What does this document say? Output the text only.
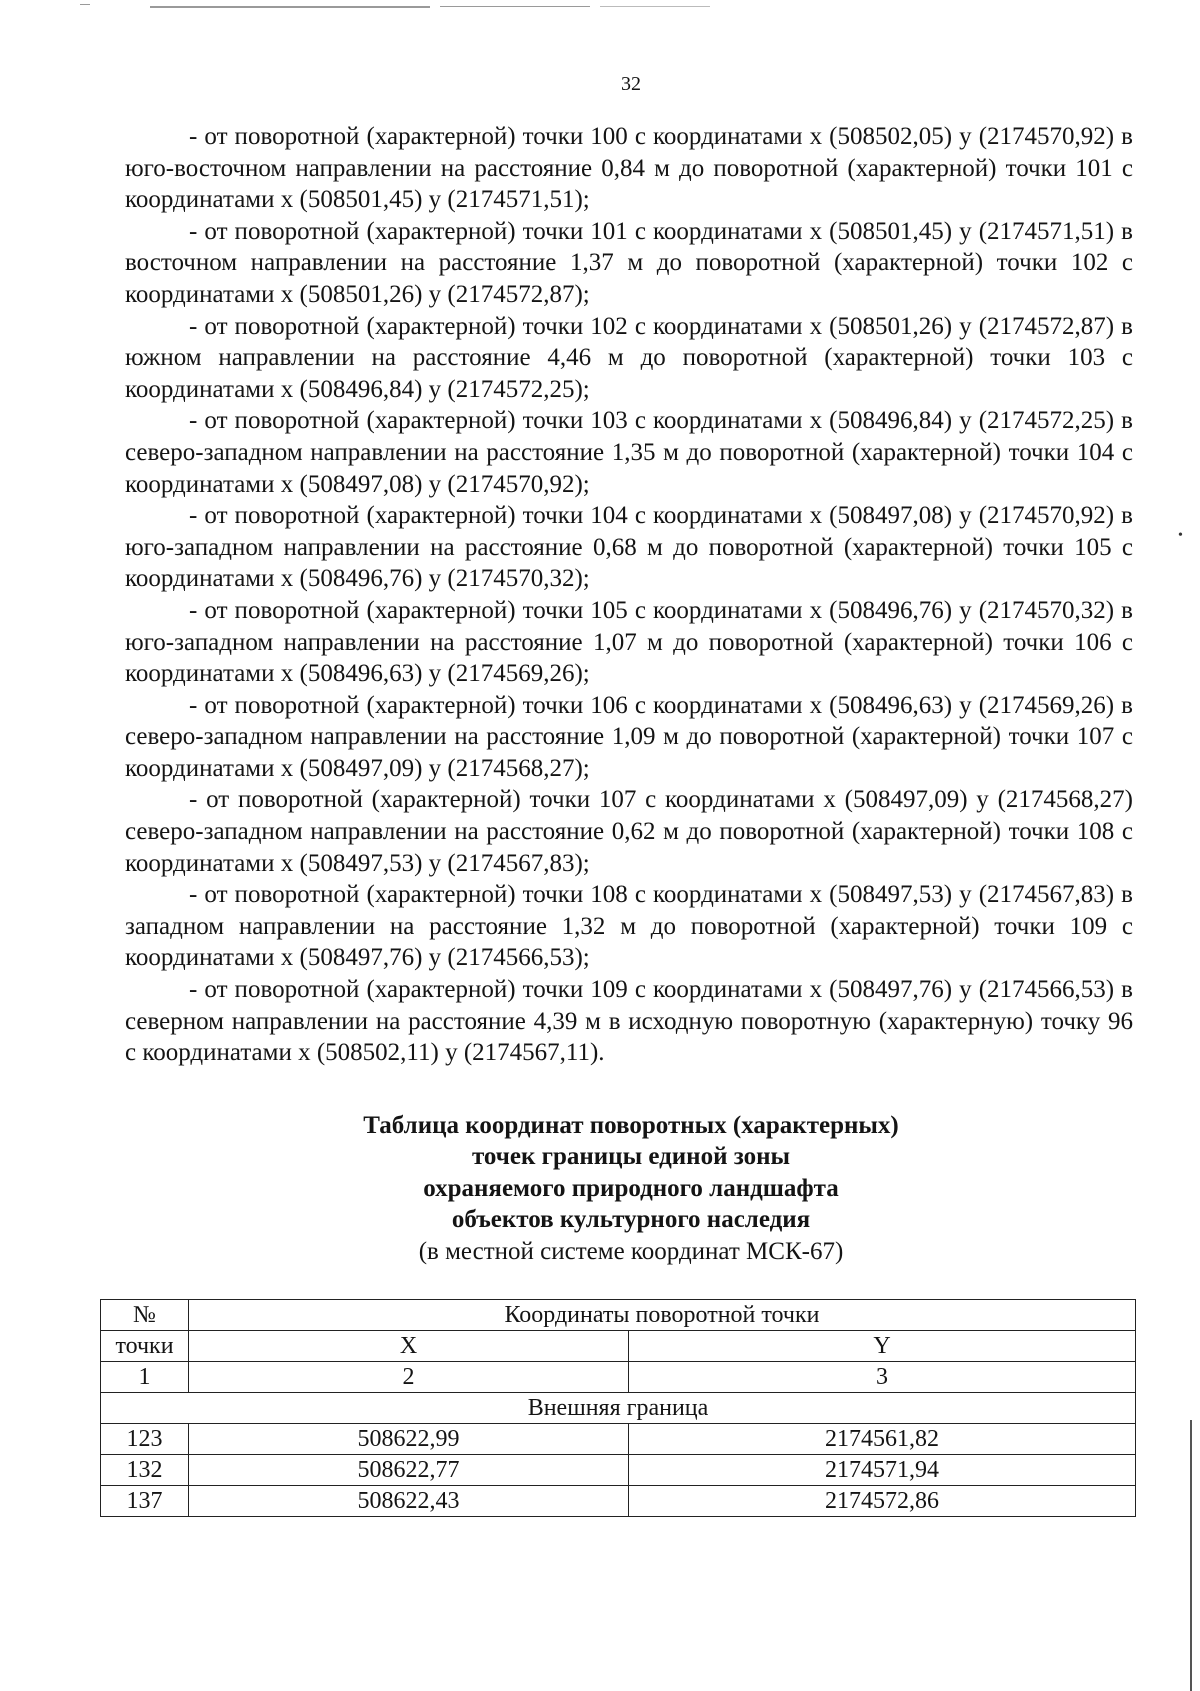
•
32

- от поворотной (характерной) точки 100 с координатами х (508502,05) у (2174570,92) в юго-восточном направлении на расстояние 0,84 м до поворотной (характерной) точки 101 с координатами х (508501,45) у (2174571,51);

- от поворотной (характерной) точки 101 с координатами х (508501,45) у (2174571,51) в восточном направлении на расстояние 1,37 м до поворотной (характерной) точки 102 с координатами х (508501,26) у (2174572,87);

- от поворотной (характерной) точки 102 с координатами х (508501,26) у (2174572,87) в южном направлении на расстояние 4,46 м до поворотной (характерной) точки 103 с координатами х (508496,84) у (2174572,25);

- от поворотной (характерной) точки 103 с координатами х (508496,84) у (2174572,25) в северо-западном направлении на расстояние 1,35 м до поворотной (характерной) точки 104 с координатами х (508497,08) у (2174570,92);

- от поворотной (характерной) точки 104 с координатами х (508497,08) у (2174570,92) в юго-западном направлении на расстояние 0,68 м до поворотной (характерной) точки 105 с координатами х (508496,76) у (2174570,32);

- от поворотной (характерной) точки 105 с координатами х (508496,76) у (2174570,32) в юго-западном направлении на расстояние 1,07 м до поворотной (характерной) точки 106 с координатами х (508496,63) у (2174569,26);

- от поворотной (характерной) точки 106 с координатами х (508496,63) у (2174569,26) в северо-западном направлении на расстояние 1,09 м до поворотной (характерной) точки 107 с координатами х (508497,09) у (2174568,27);

- от поворотной (характерной) точки 107 с координатами х (508497,09) у (2174568,27) северо-западном направлении на расстояние 0,62 м до поворотной (характерной) точки 108 с координатами х (508497,53) у (2174567,83);

- от поворотной (характерной) точки 108 с координатами х (508497,53) у (2174567,83) в западном направлении на расстояние 1,32 м до поворотной (характерной) точки 109 с координатами х (508497,76) у (2174566,53);

- от поворотной (характерной) точки 109 с координатами х (508497,76) у (2174566,53) в северном направлении на расстояние 4,39 м в исходную поворотную (характерную) точку 96 с координатами х (508502,11) у (2174567,11).

Таблица координат поворотных (характерных)
точек границы единой зоны
охраняемого природного ландшафта
объектов культурного наследия
(в местной системе координат МСК-67)
№	Координаты поворотной точки	
точки	X	Y
1	2	3
Внешняя граница		
123	508622,99	2174561,82
132	508622,77	2174571,94
137	508622,43	2174572,86
